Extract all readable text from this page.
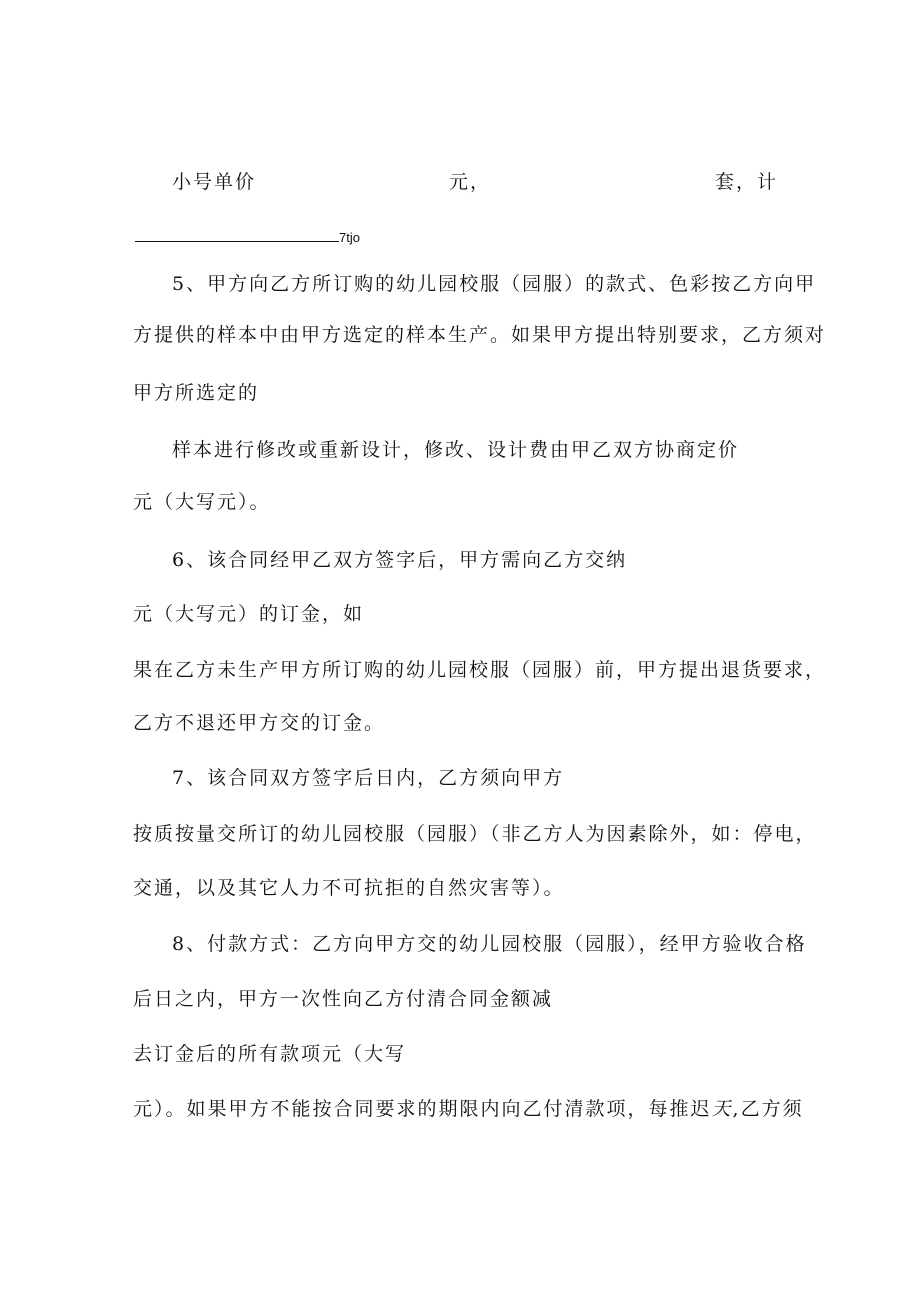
小号单价	元，	套，计
7tjo
5、甲方向乙方所订购的幼儿园校服（园服）的款式、色彩按乙方向甲
方提供的样本中由甲方选定的样本生产。如果甲方提出特别要求，乙方须对
甲方所选定的
样本进行修改或重新设计，修改、设计费由甲乙双方协商定价
元（大写元）。
6、该合同经甲乙双方签字后，甲方需向乙方交纳
元（大写元）的订金，如
果在乙方未生产甲方所订购的幼儿园校服（园服）前，甲方提出退货要求，
乙方不退还甲方交的订金。
7、该合同双方签字后日内，乙方须向甲方
按质按量交所订的幼儿园校服（园服）（非乙方人为因素除外，如：停电，
交通，以及其它人力不可抗拒的自然灾害等）。
8、付款方式：乙方向甲方交的幼儿园校服（园服），经甲方验收合格
后日之内，甲方一次性向乙方付清合同金额减
去订金后的所有款项元（大写
元）。如果甲方不能按合同要求的期限内向乙付清款项，每推迟天,乙方须
